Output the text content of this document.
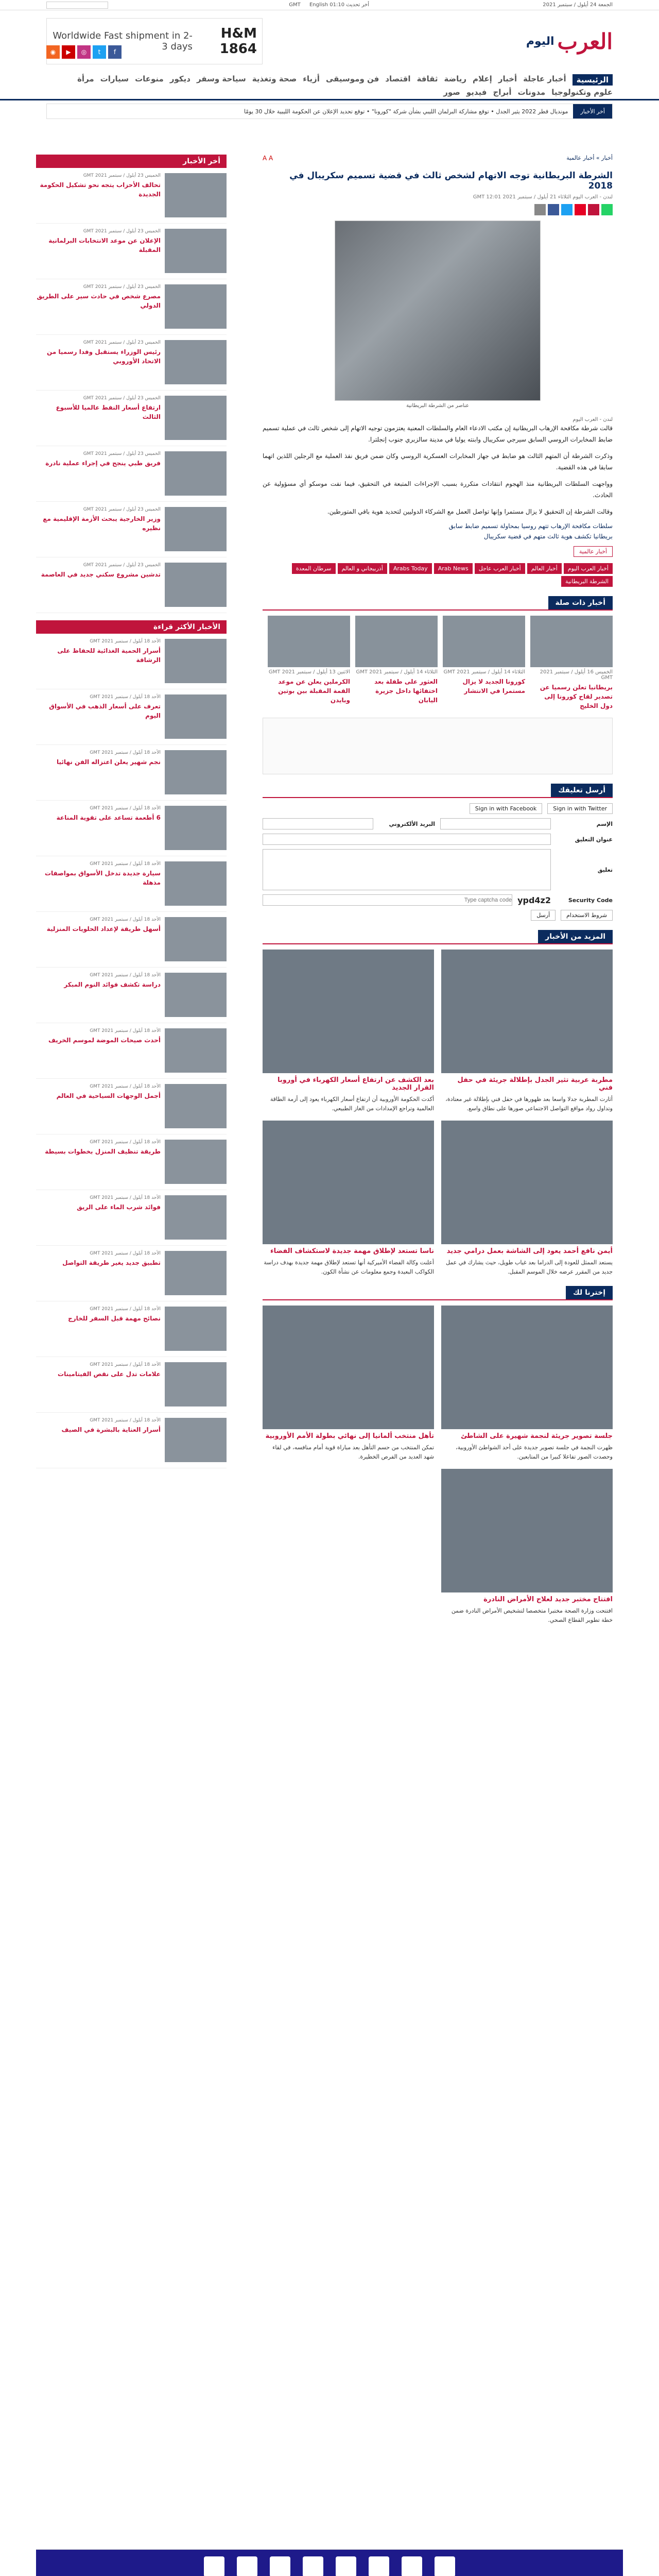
الجمعة 24 أيلول / سبتمبر 2021
أخر تحديث 01:10 GMT English
العرب
اليوم
H&M 1864
Worldwide Fast shipment in 2-3 days
f
t
◎
▶
◉
الرئيسية
أخبار عاجلة
أخبار
إعلام
رياضة
ثقافة
اقتصاد
فن وموسيقى
أزياء
صحة وتغذية
سياحة وسفر
ديكور
منوعات
سيارات
مرأة
علوم وتكنولوجيا
مدونات
أبراج
فيديو
صور
أخر الأخبار
مونديال قطر 2022 يثير الجدل • توقع مشاركة البرلمان الليبي بشأن شركة "كورونا" • توقع تحديد الإعلان عن الحكومة الليبية خلال 30 يومًا
أخبار » أخبار عالمية
A A
الشرطة البريطانية توجه الاتهام لشخص ثالث في قضية تسميم سكريبال في 2018
لندن - العرب اليوم الثلاثاء 21 أيلول / سبتمبر 2021 GMT 12:01
عناصر من الشرطة البريطانية
لندن - العرب اليوم

قالت شرطة مكافحة الإرهاب البريطانية إن مكتب الادعاء العام والسلطات المعنية يعتزمون توجيه الاتهام إلى شخص ثالث في عملية تسميم ضابط المخابرات الروسي السابق سيرجي سكريبال وابنته يوليا في مدينة سالزبري جنوب إنجلترا.

وذكرت الشرطة أن المتهم الثالث هو ضابط في جهاز المخابرات العسكرية الروسي وكان ضمن فريق نفذ العملية مع الرجلين اللذين اتهما سابقا في هذه القضية.

وواجهت السلطات البريطانية منذ الهجوم انتقادات متكررة بسبب الإجراءات المتبعة في التحقيق، فيما نفت موسكو أي مسؤولية عن الحادث.

وقالت الشرطة إن التحقيق لا يزال مستمرا وإنها تواصل العمل مع الشركاء الدوليين لتحديد هوية باقي المتورطين.

سلطات مكافحة الإرهاب تتهم روسيا بمحاولة تسميم ضابط سابق
بريطانيا تكشف هوية ثالث متهم في قضية سكريبال
أخبار عالمية
أخبار العرب اليوم
أخبار العالم
أخبار العرب عاجل
Arab News
Arabs Today
أذربيجاني و العالم
سرطان المعدة
الشرطة البريطانية
أخبار ذات صلة
الخميس 16 أيلول / سبتمبر 2021 GMT
بريطانيا تعلن رسميا عن تصدير لقاح كورونا إلى دول الخليج
الثلاثاء 14 أيلول / سبتمبر 2021 GMT
كورونا الجديد لا يزال مستمرا في الانتشار
الثلاثاء 14 أيلول / سبتمبر 2021 GMT
العثور على طفلة بعد اختفائها داخل جزيرة اليابان
الاثنين 13 أيلول / سبتمبر 2021 GMT
الكرملين يعلن عن موعد القمة المقبلة بين بوتين وبايدن
أرسل تعليقك
Sign in with Twitter
Sign in with Facebook
الإسم
البريد الألكتروني
عنوان التعليق
تعليق
Security Code
ypd4z2
Type captcha code
شروط الاستخدام
أرسل
المزيد من الأخبار
مطربة عربية تثير الجدل بإطلالة جريئة في حفل فني
أثارت المطربة جدلا واسعا بعد ظهورها في حفل فني بإطلالة غير معتادة، وتداول رواد مواقع التواصل الاجتماعي صورها على نطاق واسع.
بعد الكشف عن ارتفاع أسعار الكهرباء في أوروبا القرار الجديد
أكدت الحكومة الأوروبية أن ارتفاع أسعار الكهرباء يعود إلى أزمة الطاقة العالمية وتراجع الإمدادات من الغاز الطبيعي.
أيمن نافع أحمد يعود إلى الشاشة بعمل درامي جديد
يستعد الممثل للعودة إلى الدراما بعد غياب طويل، حيث يشارك في عمل جديد من المقرر عرضه خلال الموسم المقبل.
ناسا تستعد لإطلاق مهمة جديدة لاستكشاف الفضاء
أعلنت وكالة الفضاء الأميركية أنها تستعد لإطلاق مهمة جديدة بهدف دراسة الكواكب البعيدة وجمع معلومات عن نشأة الكون.
إخترنا لك
جلسة تصوير جريئة لنجمة شهيرة على الشاطئ
ظهرت النجمة في جلسة تصوير جديدة على أحد الشواطئ الأوروبية، وحصدت الصور تفاعلا كبيرا من المتابعين.
تأهل منتخب ألمانيا إلى نهائي بطولة الأمم الأوروبية
تمكن المنتخب من حسم التأهل بعد مباراة قوية أمام منافسه، في لقاء شهد العديد من الفرص الخطيرة.
افتتاح مختبر جديد لعلاج الأمراض النادرة
افتتحت وزارة الصحة مختبرا متخصصا لتشخيص الأمراض النادرة ضمن خطة تطوير القطاع الصحي.
أخر الأخبار
الخميس 23 أيلول / سبتمبر 2021 GMT
تحالف الأحزاب يتجه نحو تشكيل الحكومة الجديدة
الخميس 23 أيلول / سبتمبر 2021 GMT
الإعلان عن موعد الانتخابات البرلمانية المقبلة
الخميس 23 أيلول / سبتمبر 2021 GMT
مصرع شخص في حادث سير على الطريق الدولي
الخميس 23 أيلول / سبتمبر 2021 GMT
رئيس الوزراء يستقبل وفدا رسميا من الاتحاد الأوروبي
الخميس 23 أيلول / سبتمبر 2021 GMT
ارتفاع أسعار النفط عالميا للأسبوع الثالث
الخميس 23 أيلول / سبتمبر 2021 GMT
فريق طبي ينجح في إجراء عملية نادرة
الخميس 23 أيلول / سبتمبر 2021 GMT
وزير الخارجية يبحث الأزمة الإقليمية مع نظيره
الخميس 23 أيلول / سبتمبر 2021 GMT
تدشين مشروع سكني جديد في العاصمة
الأخبار الأكثر قراءة
الأحد 18 أيلول / سبتمبر 2021 GMT
أسرار الحمية الغذائية للحفاظ على الرشاقة
الأحد 18 أيلول / سبتمبر 2021 GMT
تعرف على أسعار الذهب في الأسواق اليوم
الأحد 18 أيلول / سبتمبر 2021 GMT
نجم شهير يعلن اعتزاله الفن نهائيا
الأحد 18 أيلول / سبتمبر 2021 GMT
6 أطعمة تساعد على تقوية المناعة
الأحد 18 أيلول / سبتمبر 2021 GMT
سيارة جديدة تدخل الأسواق بمواصفات مذهلة
الأحد 18 أيلول / سبتمبر 2021 GMT
أسهل طريقة لإعداد الحلويات المنزلية
الأحد 18 أيلول / سبتمبر 2021 GMT
دراسة تكشف فوائد النوم المبكر
الأحد 18 أيلول / سبتمبر 2021 GMT
أحدث صيحات الموضة لموسم الخريف
الأحد 18 أيلول / سبتمبر 2021 GMT
أجمل الوجهات السياحية في العالم
الأحد 18 أيلول / سبتمبر 2021 GMT
طريقة تنظيف المنزل بخطوات بسيطة
الأحد 18 أيلول / سبتمبر 2021 GMT
فوائد شرب الماء على الريق
الأحد 18 أيلول / سبتمبر 2021 GMT
تطبيق جديد يغير طريقة التواصل
الأحد 18 أيلول / سبتمبر 2021 GMT
نصائح مهمة قبل السفر للخارج
الأحد 18 أيلول / سبتمبر 2021 GMT
علامات تدل على نقص الفيتامينات
الأحد 18 أيلول / سبتمبر 2021 GMT
أسرار العناية بالبشرة في الصيف
